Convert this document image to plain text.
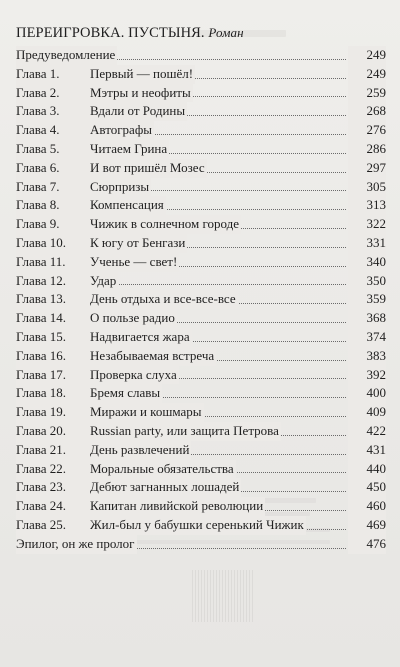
ПЕРЕИГРОВКА. ПУСТЫНЯ. Роман
Предуведомление	249
Глава 1.	Первый — пошёл!	249
Глава 2.	Мэтры и неофиты	259
Глава 3.	Вдали от Родины	268
Глава 4.	Автографы	276
Глава 5.	Читаем Грина	286
Глава 6.	И вот пришёл Мозес	297
Глава 7.	Сюрпризы	305
Глава 8.	Компенсация	313
Глава 9.	Чижик в солнечном городе	322
Глава 10.	К югу от Бенгази	331
Глава 11.	Ученье — свет!	340
Глава 12.	Удар	350
Глава 13.	День отдыха и все-все-все	359
Глава 14.	О пользе радио	368
Глава 15.	Надвигается жара	374
Глава 16.	Незабываемая встреча	383
Глава 17.	Проверка слуха	392
Глава 18.	Бремя славы	400
Глава 19.	Миражи и кошмары	409
Глава 20.	Russian party, или защита Петрова	422
Глава 21.	День развлечений	431
Глава 22.	Моральные обязательства	440
Глава 23.	Дебют загнанных лошадей	450
Глава 24.	Капитан ливийской революции	460
Глава 25.	Жил-был у бабушки серенький Чижик	469
Эпилог, он же пролог	476
